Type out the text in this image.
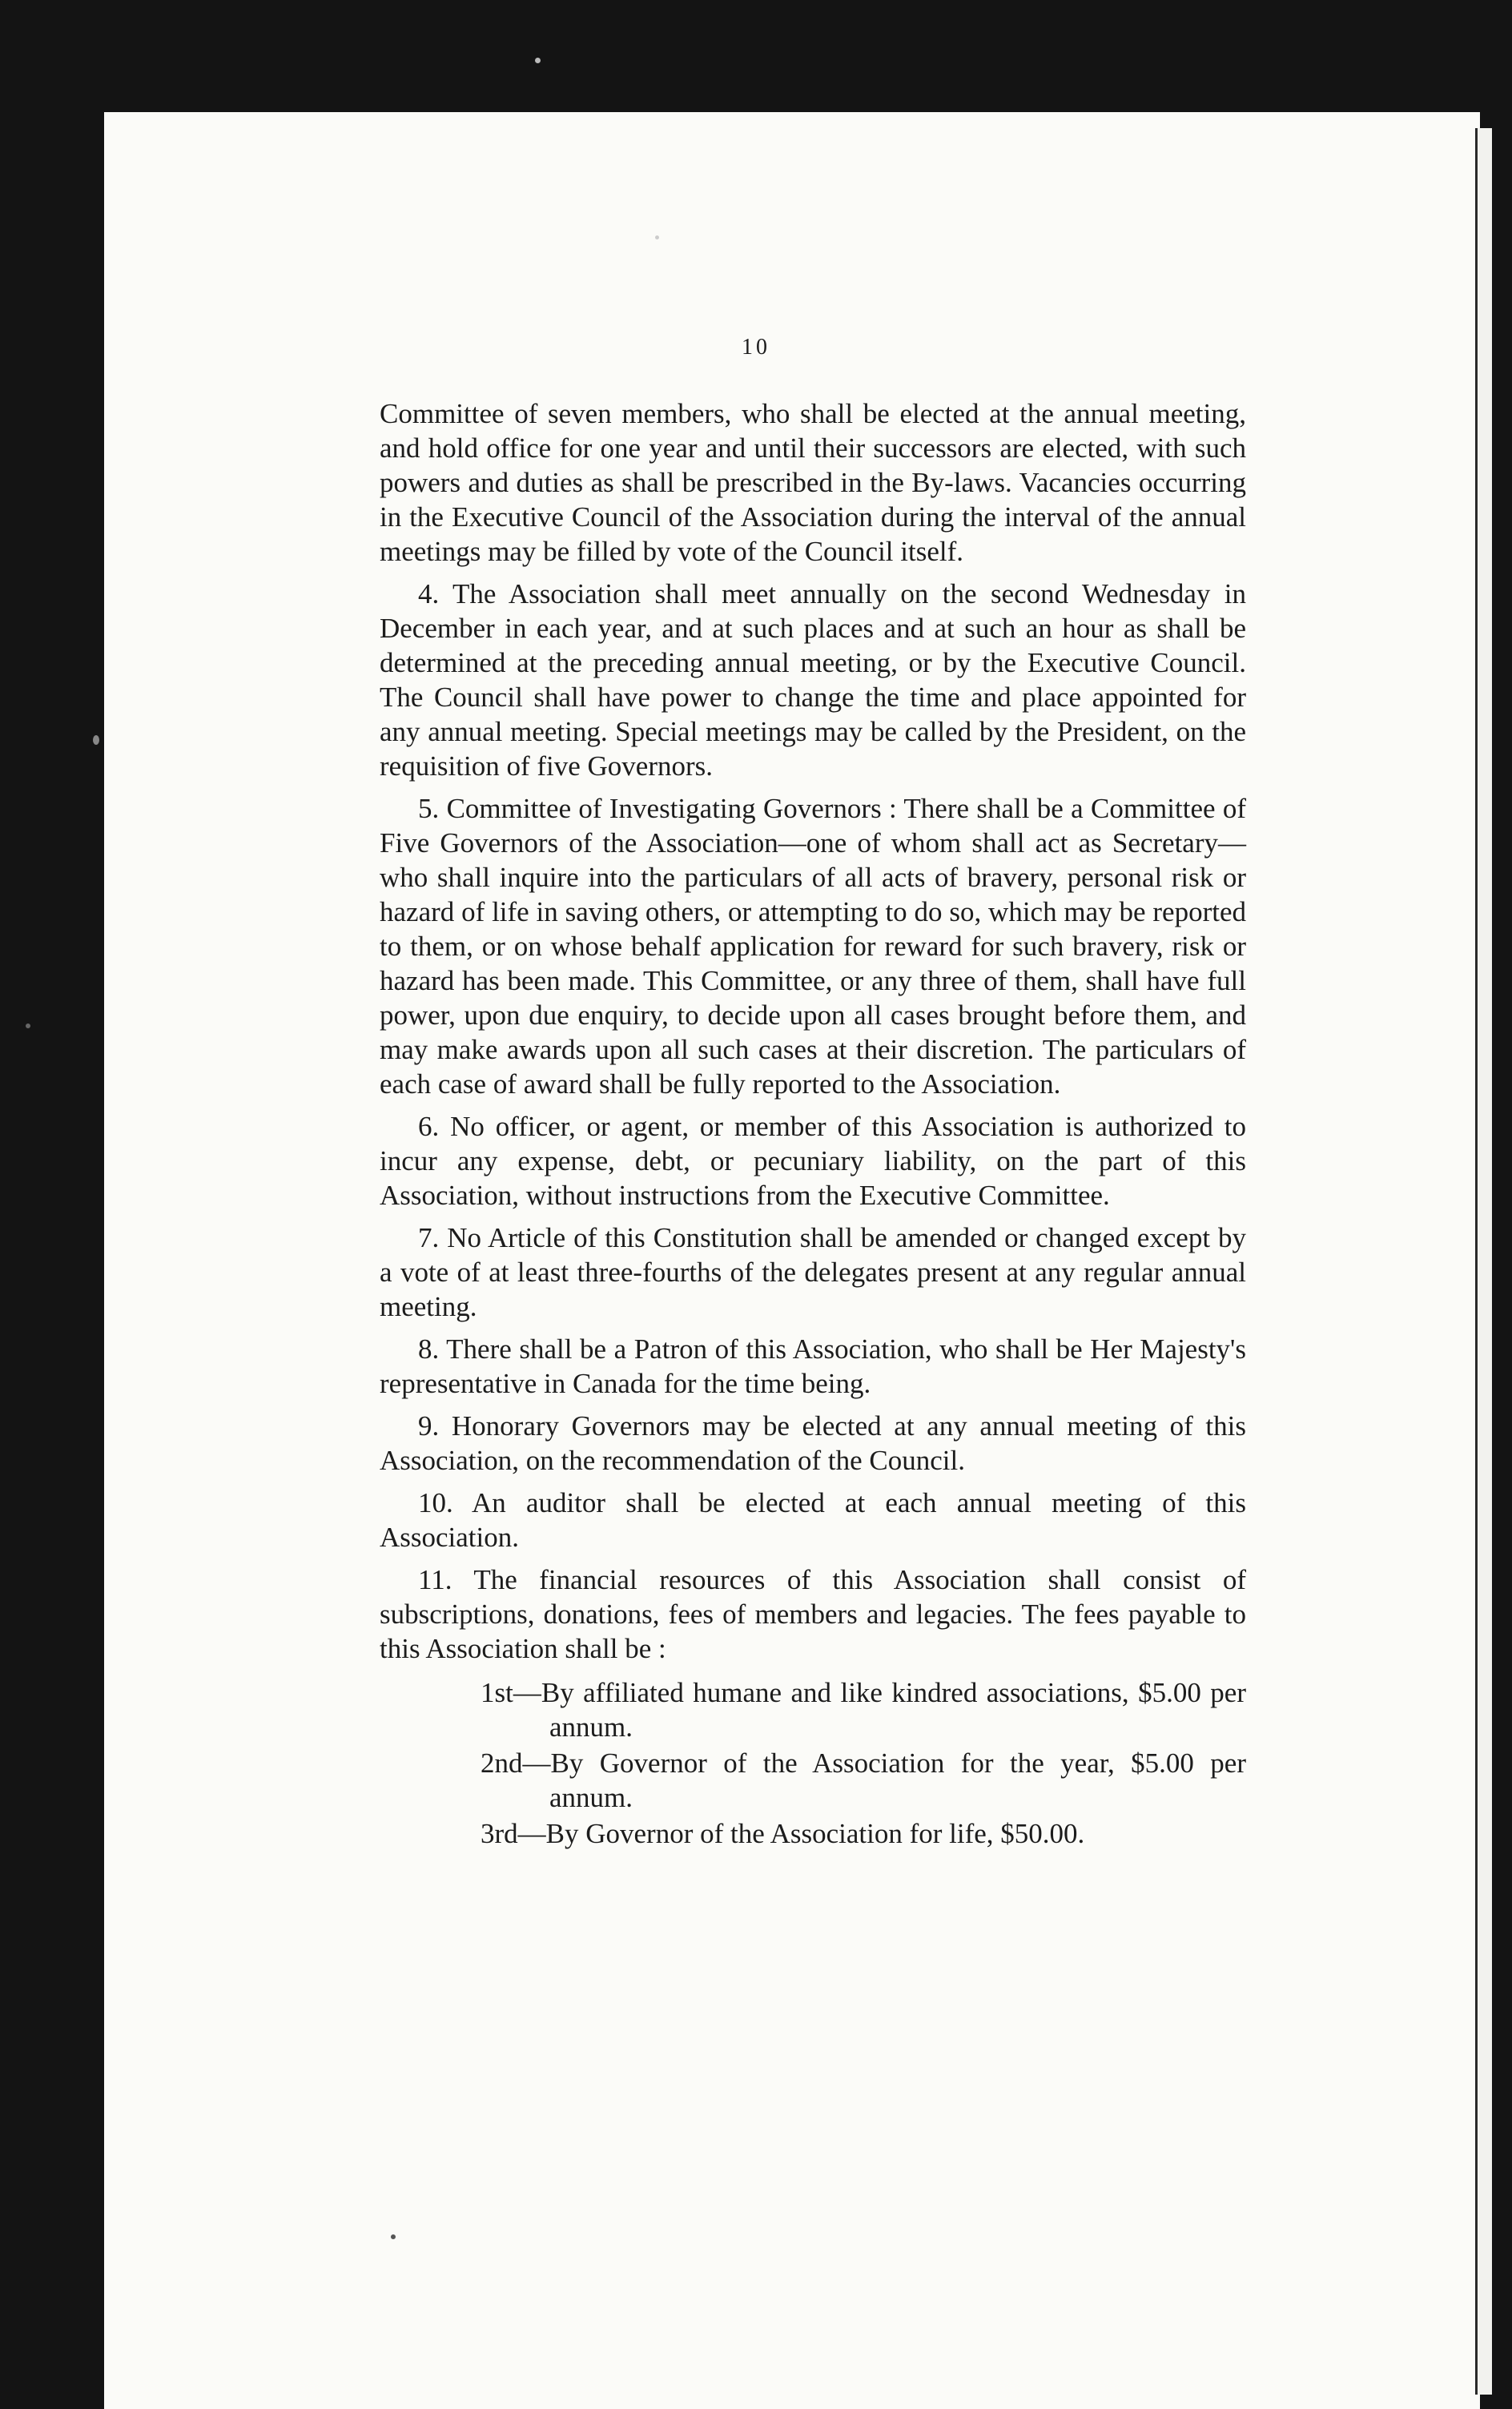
10

Committee of seven members, who shall be elected at the annual meeting, and hold office for one year and until their successors are elected, with such powers and duties as shall be prescribed in the By-laws. Vacancies occurring in the Executive Council of the Association during the interval of the annual meetings may be filled by vote of the Council itself.

4. The Association shall meet annually on the second Wednesday in December in each year, and at such places and at such an hour as shall be determined at the preceding annual meeting, or by the Executive Council. The Council shall have power to change the time and place appointed for any annual meeting. Special meetings may be called by the President, on the requisition of five Governors.

5. Committee of Investigating Governors : There shall be a Committee of Five Governors of the Association—one of whom shall act as Secretary—who shall inquire into the particulars of all acts of bravery, personal risk or hazard of life in saving others, or attempting to do so, which may be reported to them, or on whose behalf application for reward for such bravery, risk or hazard has been made. This Committee, or any three of them, shall have full power, upon due enquiry, to decide upon all cases brought before them, and may make awards upon all such cases at their discretion. The particulars of each case of award shall be fully reported to the Association.

6. No officer, or agent, or member of this Association is authorized to incur any expense, debt, or pecuniary liability, on the part of this Association, without instructions from the Executive Committee.

7. No Article of this Constitution shall be amended or changed except by a vote of at least three-fourths of the delegates present at any regular annual meeting.

8. There shall be a Patron of this Association, who shall be Her Majesty's representative in Canada for the time being.

9. Honorary Governors may be elected at any annual meeting of this Association, on the recommendation of the Council.

10. An auditor shall be elected at each annual meeting of this Association.

11. The financial resources of this Association shall consist of subscriptions, donations, fees of members and legacies. The fees payable to this Association shall be :

1st—By affiliated humane and like kindred associations, $5.00 per annum.

2nd—By Governor of the Association for the year, $5.00 per annum.

3rd—By Governor of the Association for life, $50.00.
